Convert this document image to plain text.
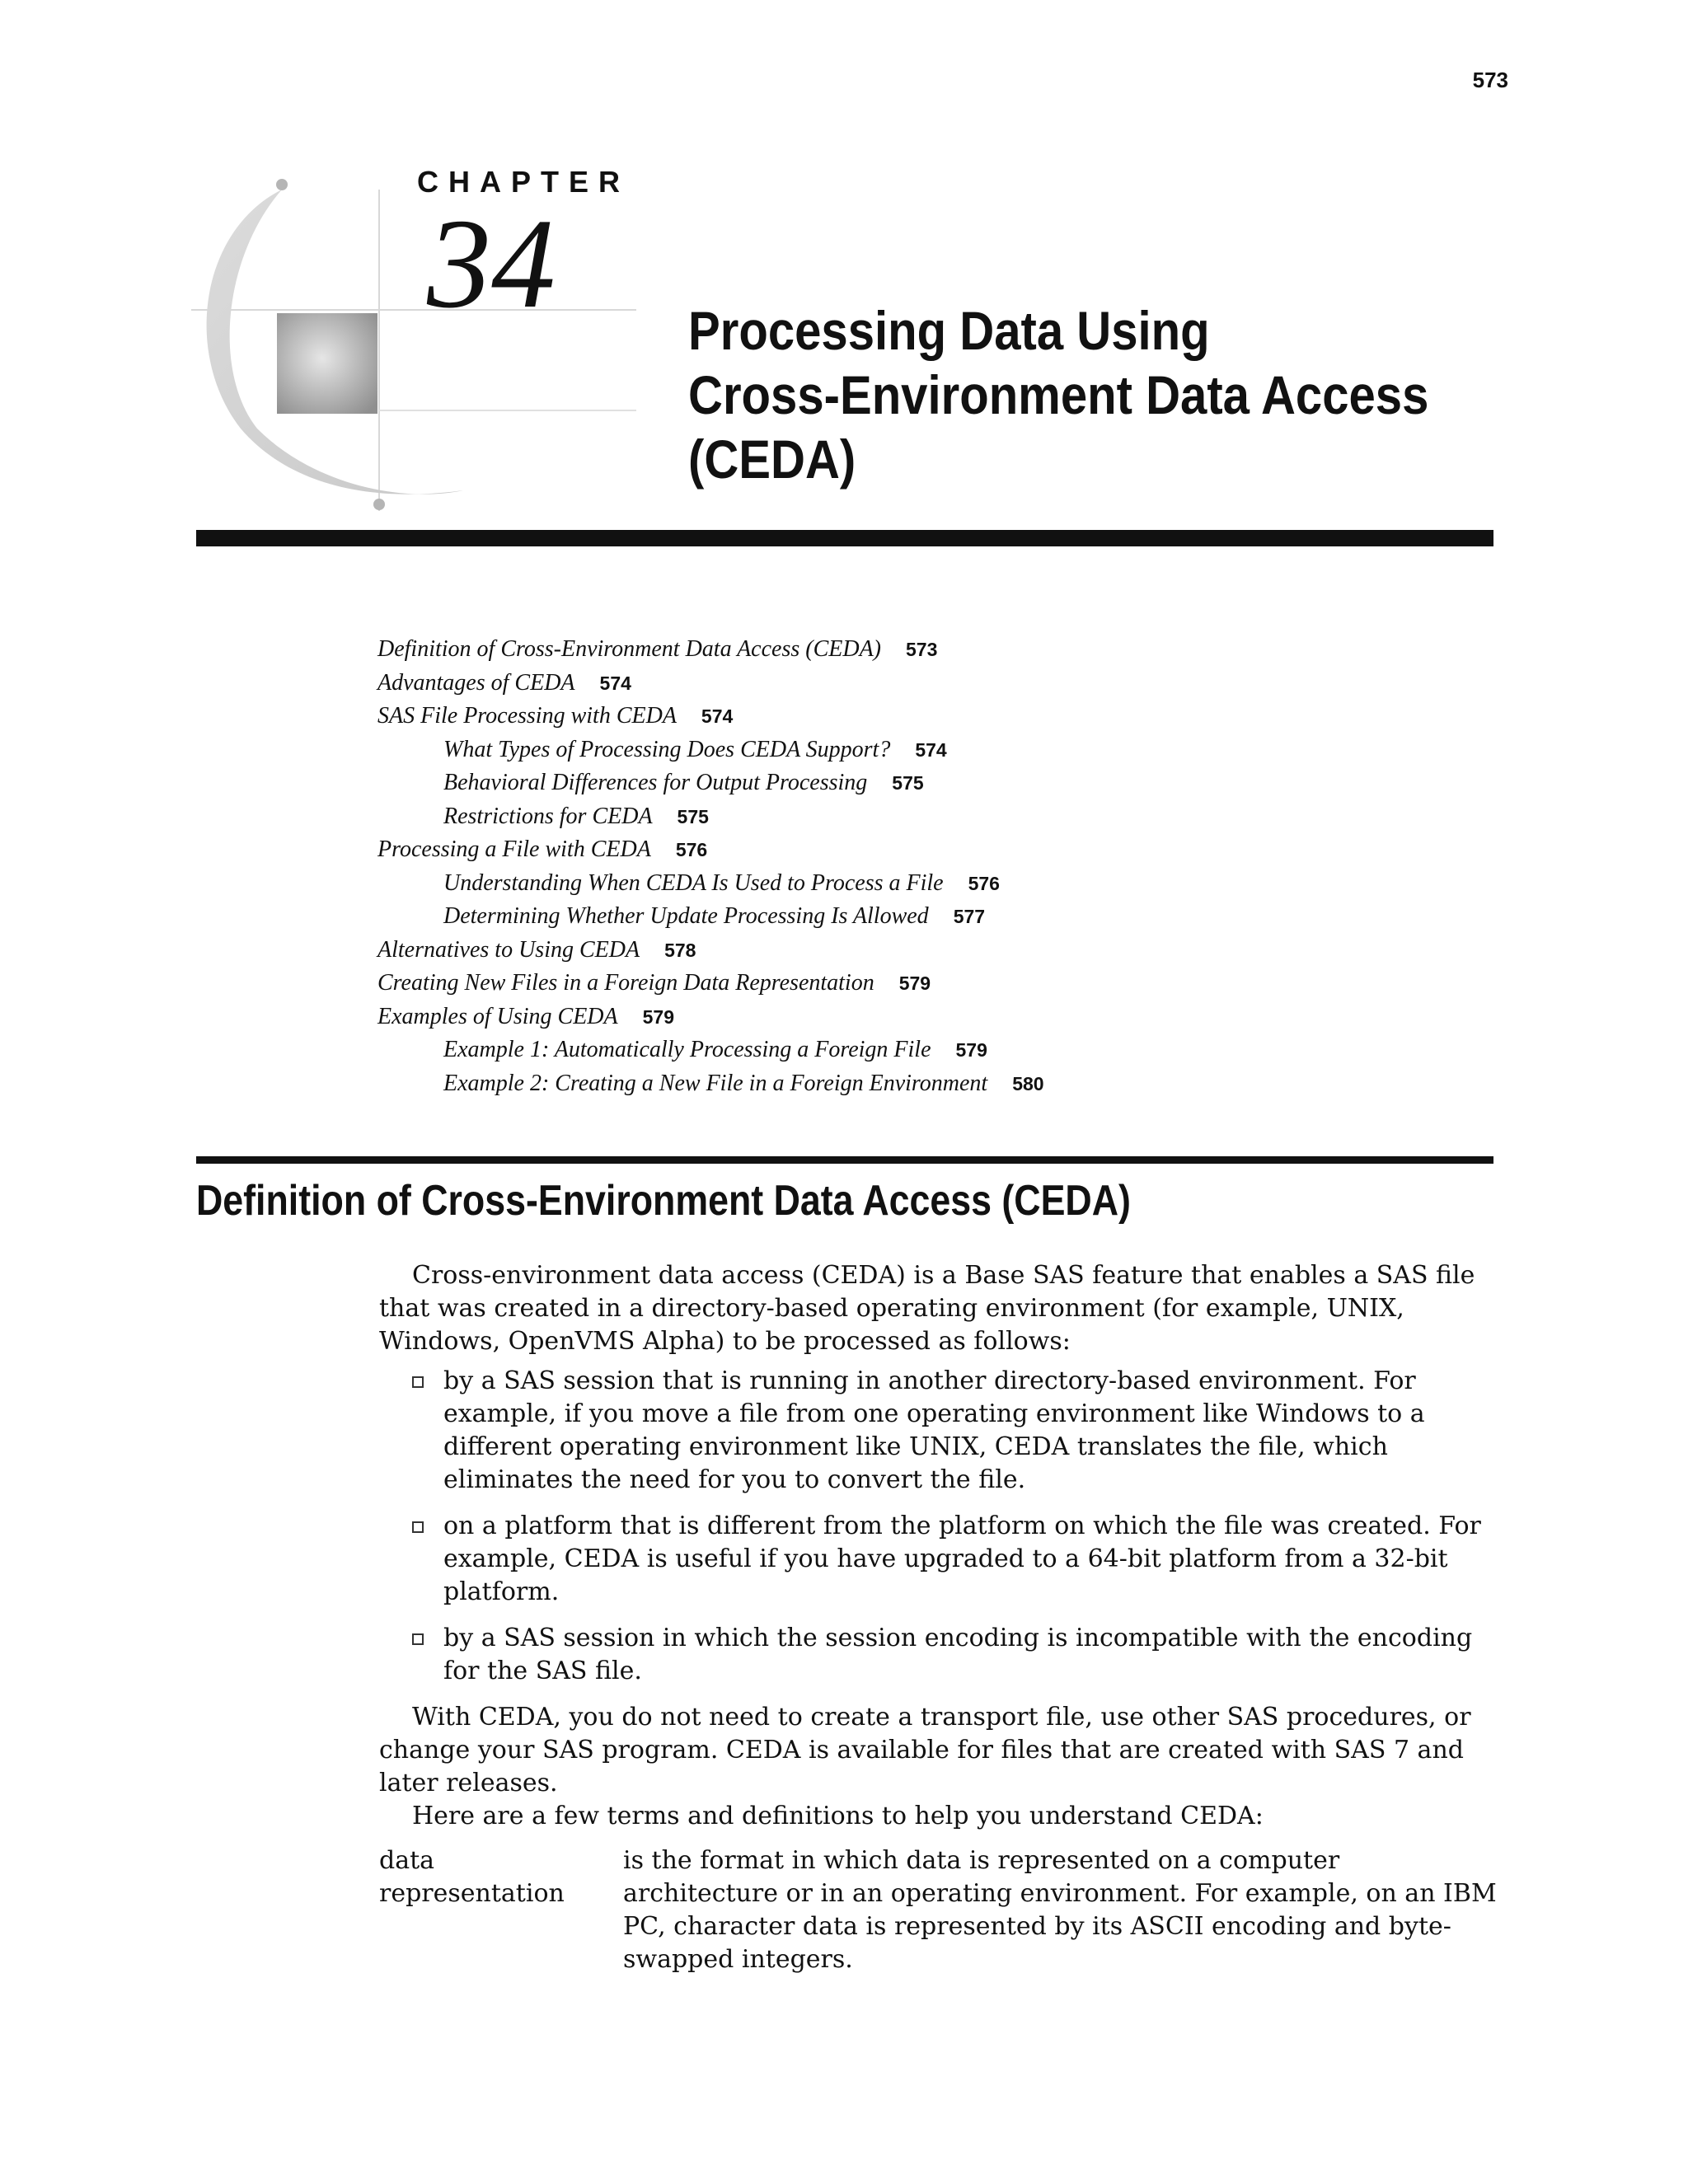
573
CHAPTER
34 Processing Data Using
Cross-Environment Data Access
(CEDA)
Definition of Cross-Environment Data Access (CEDA) 573
Advantages of CEDA 574
SAS File Processing with CEDA 574
What Types of Processing Does CEDA Support? 574
Behavioral Differences for Output Processing 575
Restrictions for CEDA 575
Processing a File with CEDA 576
Understanding When CEDA Is Used to Process a File 576
Determining Whether Update Processing Is Allowed 577
Alternatives to Using CEDA 578
Creating New Files in a Foreign Data Representation 579
Examples of Using CEDA 579
Example 1: Automatically Processing a Foreign File 579
Example 2: Creating a New File in a Foreign Environment 580
Definition of Cross-Environment Data Access (CEDA)

Cross-environment data access (CEDA) is a Base SAS feature that enables a SAS file that was created in a directory-based operating environment (for example, UNIX, Windows, OpenVMS Alpha) to be processed as follows:

by a SAS session that is running in another directory-based environment. For example, if you move a file from one operating environment like Windows to a different operating environment like UNIX, CEDA translates the file, which eliminates the need for you to convert the file.
on a platform that is different from the platform on which the file was created. For example, CEDA is useful if you have upgraded to a 64-bit platform from a 32-bit platform.
by a SAS session in which the session encoding is incompatible with the encoding for the SAS file.

With CEDA, you do not need to create a transport file, use other SAS procedures, or change your SAS program. CEDA is available for files that are created with SAS 7 and later releases.

Here are a few terms and definitions to help you understand CEDA:

data
representation
is the format in which data is represented on a computer architecture or in an operating environment. For example, on an IBM PC, character data is represented by its ASCII encoding and byte-swapped integers.
